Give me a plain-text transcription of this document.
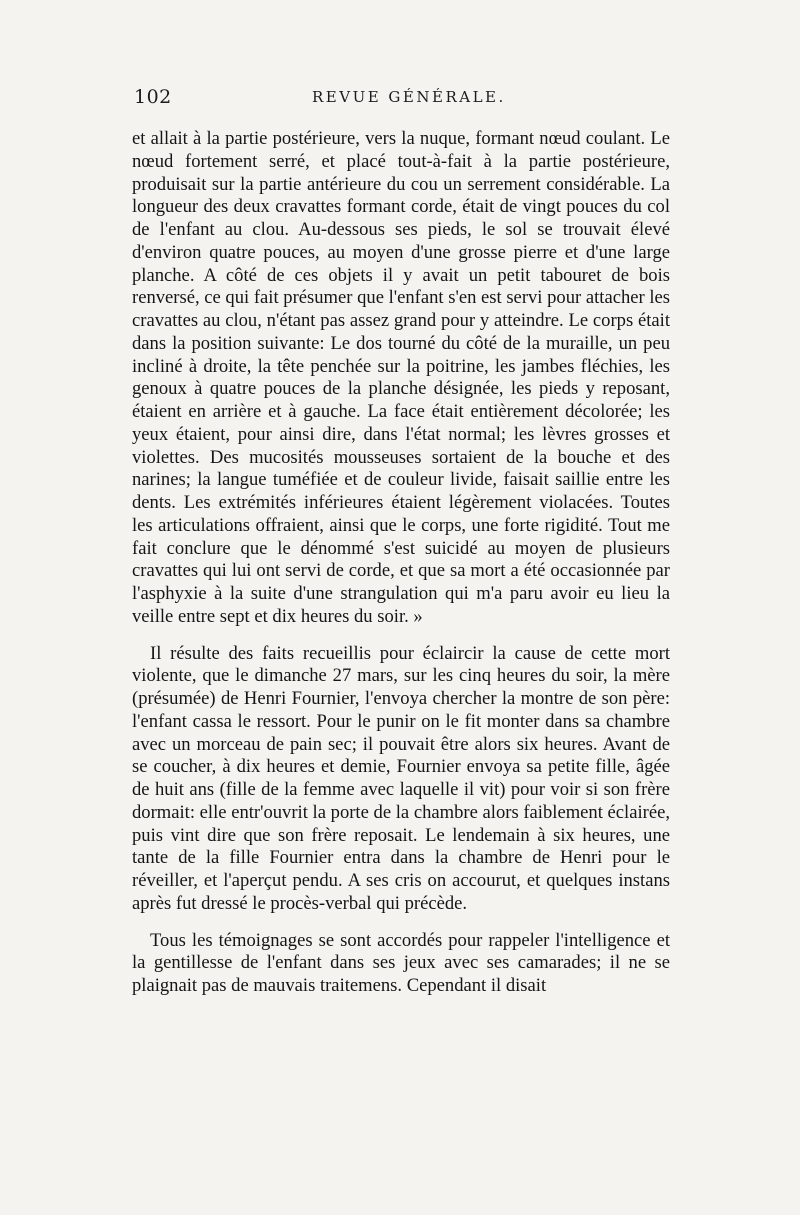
102	REVUE GÉNÉRALE.

et allait à la partie postérieure, vers la nuque, formant nœud coulant. Le nœud fortement serré, et placé tout-à-fait à la partie postérieure, produisait sur la partie antérieure du cou un serrement considérable. La longueur des deux cravattes formant corde, était de vingt pouces du col de l'enfant au clou. Au-dessous ses pieds, le sol se trouvait élevé d'environ quatre pouces, au moyen d'une grosse pierre et d'une large planche. A côté de ces objets il y avait un petit tabouret de bois renversé, ce qui fait présumer que l'enfant s'en est servi pour attacher les cravattes au clou, n'étant pas assez grand pour y atteindre. Le corps était dans la position suivante: Le dos tourné du côté de la muraille, un peu incliné à droite, la tête penchée sur la poitrine, les jambes fléchies, les genoux à quatre pouces de la planche désignée, les pieds y reposant, étaient en arrière et à gauche. La face était entièrement décolorée; les yeux étaient, pour ainsi dire, dans l'état normal; les lèvres grosses et violettes. Des mucosités mousseuses sortaient de la bouche et des narines; la langue tuméfiée et de couleur livide, faisait saillie entre les dents. Les extrémités inférieures étaient légèrement violacées. Toutes les articulations offraient, ainsi que le corps, une forte rigidité. Tout me fait conclure que le dénommé s'est suicidé au moyen de plusieurs cravattes qui lui ont servi de corde, et que sa mort a été occasionnée par l'asphyxie à la suite d'une strangulation qui m'a paru avoir eu lieu la veille entre sept et dix heures du soir. »

Il résulte des faits recueillis pour éclaircir la cause de cette mort violente, que le dimanche 27 mars, sur les cinq heures du soir, la mère (présumée) de Henri Fournier, l'envoya chercher la montre de son père: l'enfant cassa le ressort. Pour le punir on le fit monter dans sa chambre avec un morceau de pain sec; il pouvait être alors six heures. Avant de se coucher, à dix heures et demie, Fournier envoya sa petite fille, âgée de huit ans (fille de la femme avec laquelle il vit) pour voir si son frère dormait: elle entr'ouvrit la porte de la chambre alors faiblement éclairée, puis vint dire que son frère reposait. Le lendemain à six heures, une tante de la fille Fournier entra dans la chambre de Henri pour le réveiller, et l'aperçut pendu. A ses cris on accourut, et quelques instans après fut dressé le procès-verbal qui précède.

Tous les témoignages se sont accordés pour rappeler l'intelligence et la gentillesse de l'enfant dans ses jeux avec ses camarades; il ne se plaignait pas de mauvais traitemens. Cependant il disait
